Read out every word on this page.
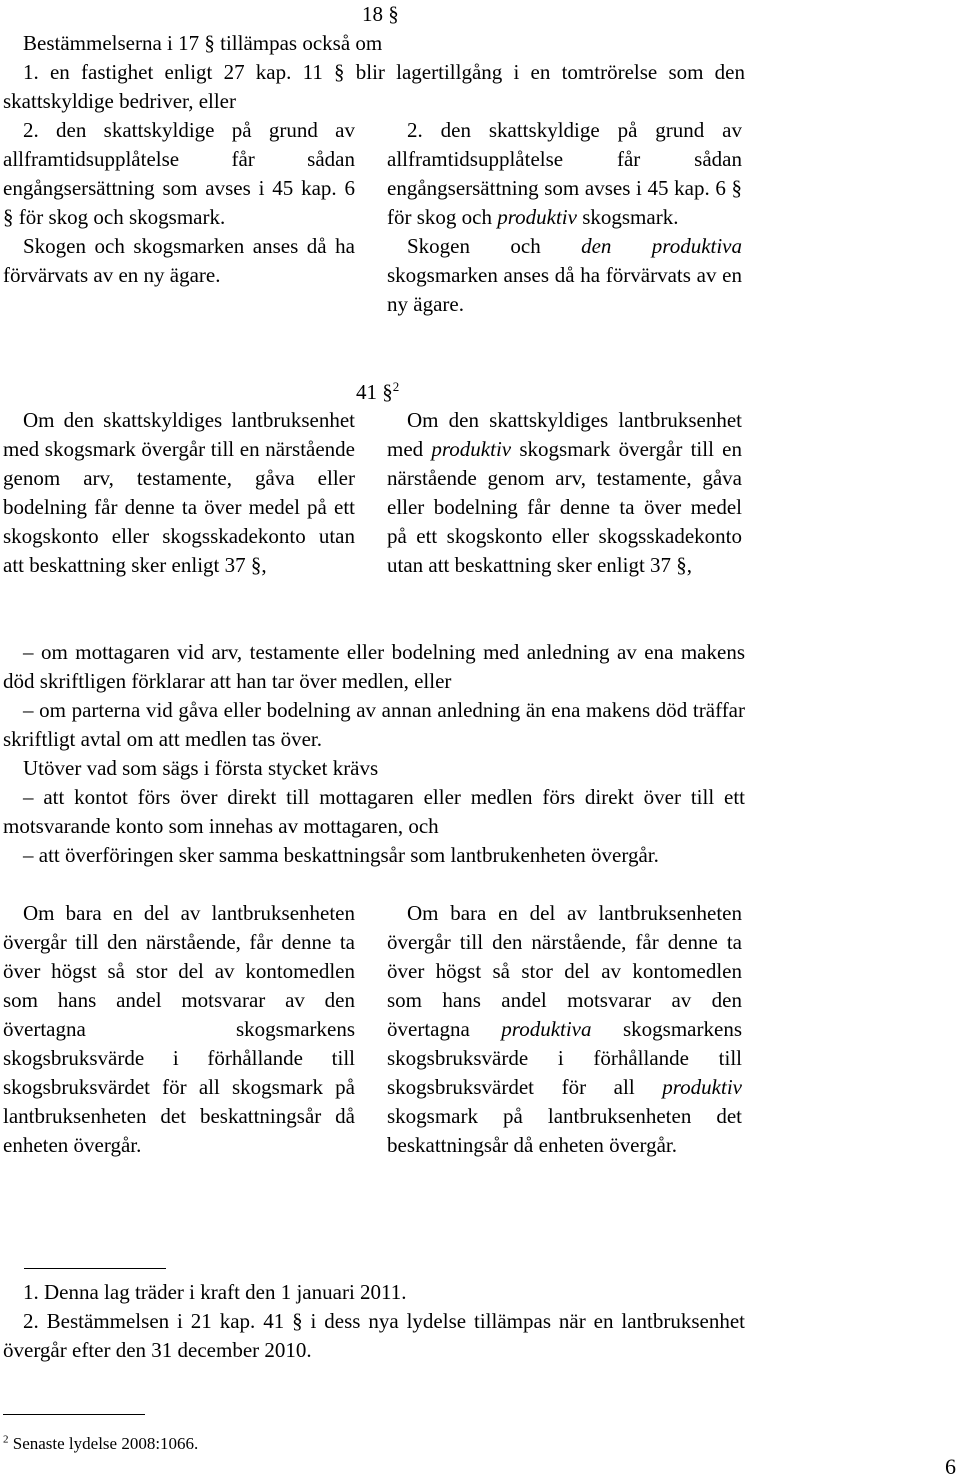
18 §

Bestämmelserna i 17 § tillämpas också om

1. en fastighet enligt 27 kap. 11 § blir lagertillgång i en tomtrörelse som den skattskyldige bedriver, eller

2. den skattskyldige på grund av allframtidsupplåtelse får sådan engångsersättning som avses i 45 kap. 6 § för skog och skogsmark.

Skogen och skogsmarken anses då ha förvärvats av en ny ägare.

2. den skattskyldige på grund av allframtidsupplåtelse får sådan engångsersättning som avses i 45 kap. 6 § för skog och produktiv skogsmark.

Skogen och den produktiva skogsmarken anses då ha förvärvats av en ny ägare.

41 §$^2$

Om den skattskyldiges lantbruksenhet med skogsmark övergår till en närstående genom arv, testamente, gåva eller bodelning får denne ta över medel på ett skogskonto eller skogsskadekonto utan att beskattning sker enligt 37 §,

Om den skattskyldiges lantbruksenhet med produktiv skogsmark övergår till en närstående genom arv, testamente, gåva eller bodelning får denne ta över medel på ett skogskonto eller skogsskadekonto utan att beskattning sker enligt 37 §,

– om mottagaren vid arv, testamente eller bodelning med anledning av ena makens död skriftligen förklarar att han tar över medlen, eller

– om parterna vid gåva eller bodelning av annan anledning än ena makens död träffar skriftligt avtal om att medlen tas över.

Utöver vad som sägs i första stycket krävs

– att kontot förs över direkt till mottagaren eller medlen förs direkt över till ett motsvarande konto som innehas av mottagaren, och

– att överföringen sker samma beskattningsår som lantbrukenheten övergår.

Om bara en del av lantbruksenheten övergår till den närstående, får denne ta över högst så stor del av kontomedlen som hans andel motsvarar av den övertagna skogsmarkens skogsbruksvärde i förhållande till skogsbruksvärdet för all skogsmark på lantbruksenheten det beskattningsår då enheten övergår.

Om bara en del av lantbruksenheten övergår till den närstående, får denne ta över högst så stor del av kontomedlen som hans andel motsvarar av den övertagna produktiva skogsmarkens skogsbruksvärde i förhållande till skogsbruksvärdet för all produktiv skogsmark på lantbruksenheten det beskattningsår då enheten övergår.

1. Denna lag träder i kraft den 1 januari 2011.

2. Bestämmelsen i 21 kap. 41 § i dess nya lydelse tillämpas när en lantbruksenhet övergår efter den 31 december 2010.

$^2$ Senaste lydelse 2008:1066.
6
